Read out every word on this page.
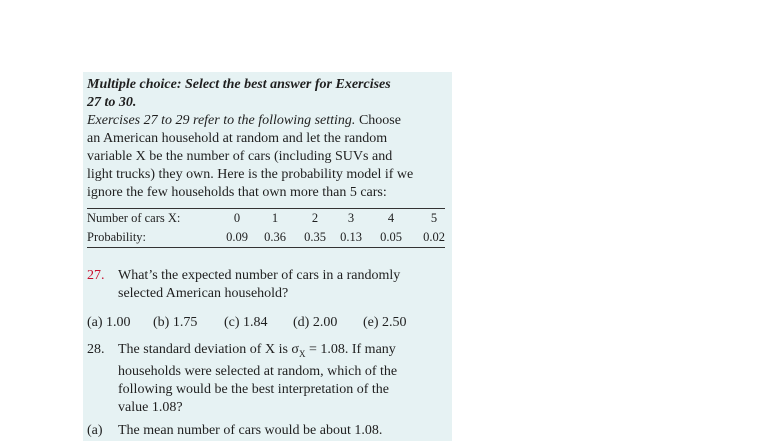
Multiple choice: Select the best answer for Exercises
27 to 30.

Exercises 27 to 29 refer to the following setting. Choose
an American household at random and let the random
variable X be the number of cars (including SUVs and
light trucks) they own. Here is the probability model if we
ignore the few households that own more than 5 cars:

Number of cars X:	0	1	2	3	4	5
Probability:	0.09	0.36	0.35	0.13	0.05	0.02
27. What’s the expected number of cars in a randomly
selected American household?
(a) 1.00 (b) 1.75 (c) 1.84 (d) 2.00 (e) 2.50
28. The standard deviation of X is $\sigma_X = 1.08$. If many
households were selected at random, which of the
following would be the best interpretation of the
value 1.08?
(a) The mean number of cars would be about 1.08.
